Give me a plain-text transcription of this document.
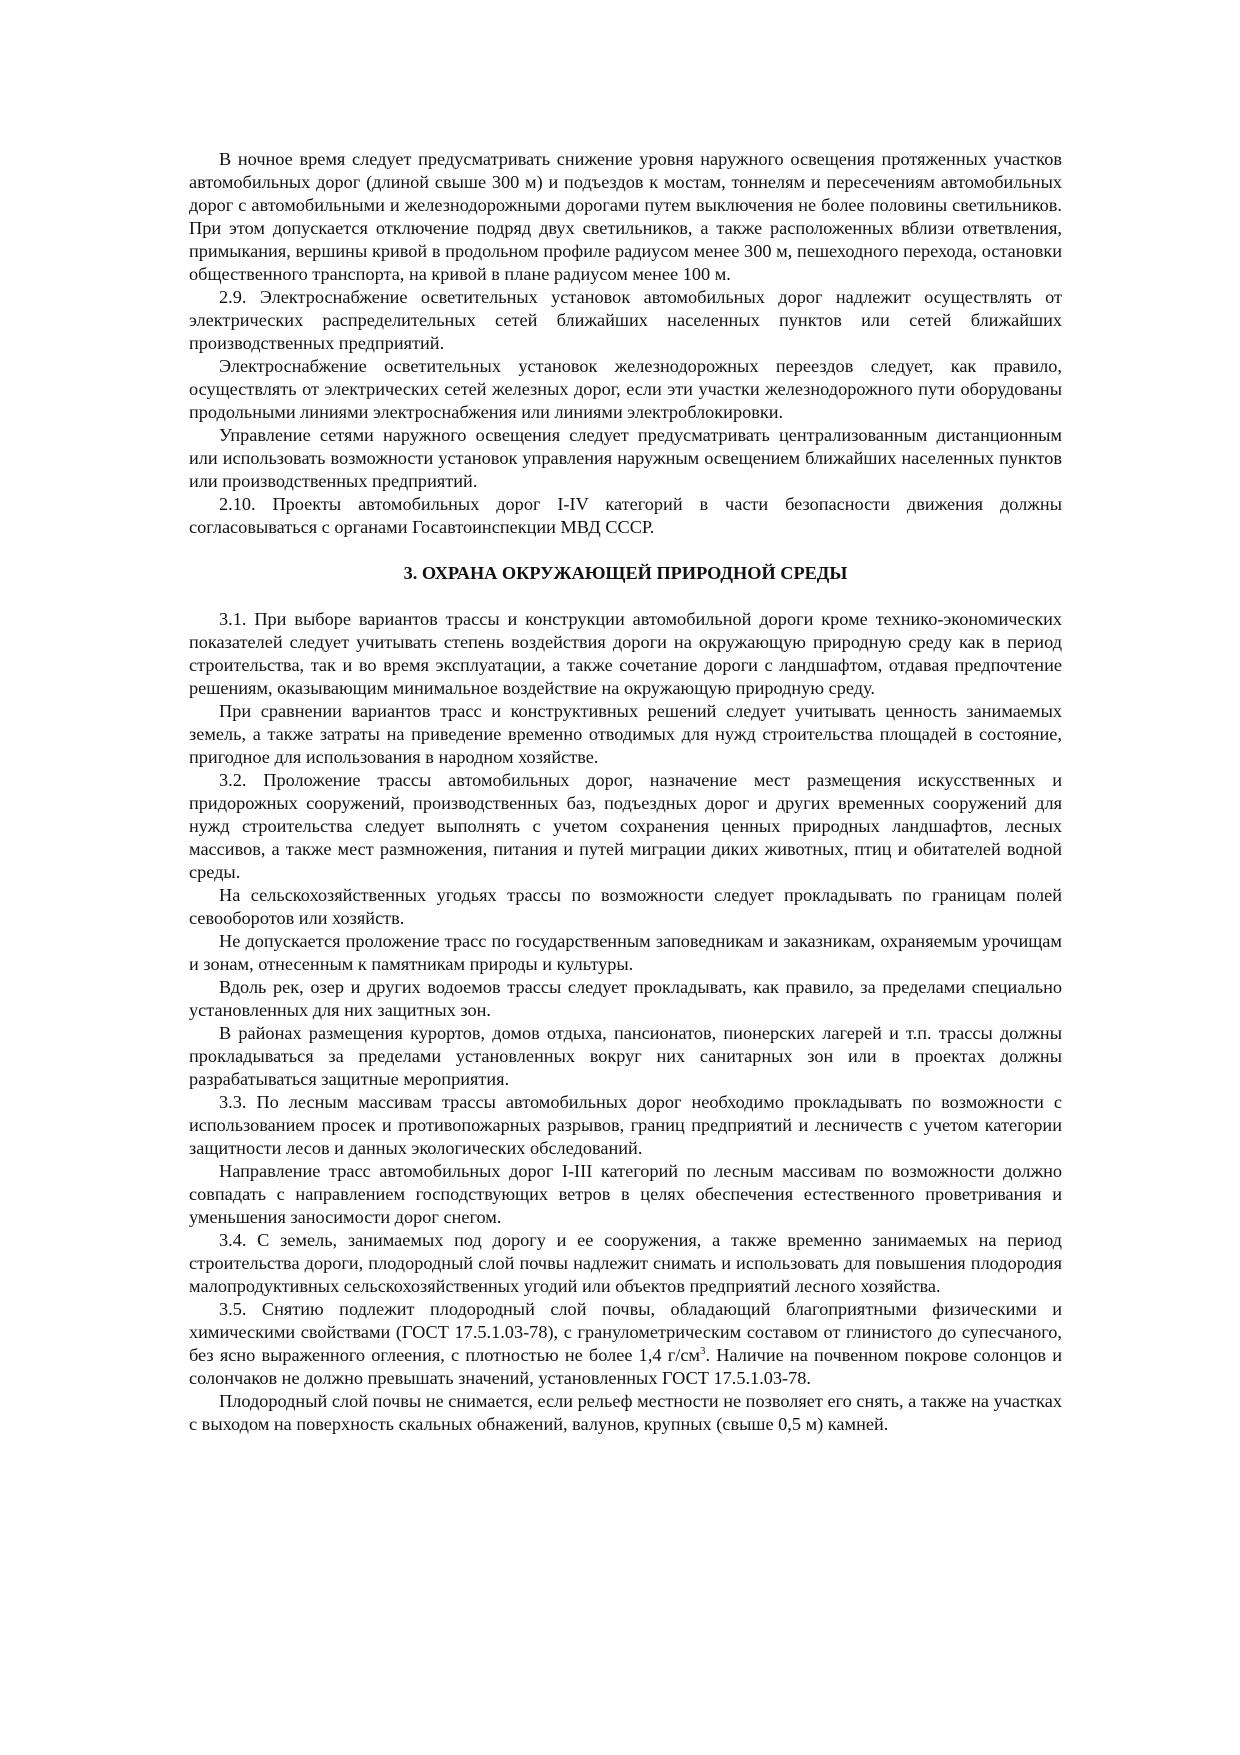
В ночное время следует предусматривать снижение уровня наружного освещения протяженных участков автомобильных дорог (длиной свыше 300 м) и подъездов к мостам, тоннелям и пересечениям автомобильных дорог с автомобильными и железнодорожными дорогами путем выключения не более половины светильников. При этом допускается отключение подряд двух светильников, а также расположенных вблизи ответвления, примыкания, вершины кривой в продольном профиле радиусом менее 300 м, пешеходного перехода, остановки общественного транспорта, на кривой в плане радиусом менее 100 м.

2.9. Электроснабжение осветительных установок автомобильных дорог надлежит осуществлять от электрических распределительных сетей ближайших населенных пунктов или сетей ближайших производственных предприятий.

Электроснабжение осветительных установок железнодорожных переездов следует, как правило, осуществлять от электрических сетей железных дорог, если эти участки железнодорожного пути оборудованы продольными линиями электроснабжения или линиями электроблокировки.

Управление сетями наружного освещения следует предусматривать централизованным дистанционным или использовать возможности установок управления наружным освещением ближайших населенных пунктов или производственных предприятий.

2.10. Проекты автомобильных дорог I-IV категорий в части безопасности движения должны согласовываться с органами Госавтоинспекции МВД СССР.

3. ОХРАНА ОКРУЖАЮЩЕЙ ПРИРОДНОЙ СРЕДЫ

3.1. При выборе вариантов трассы и конструкции автомобильной дороги кроме технико-экономических показателей следует учитывать степень воздействия дороги на окружающую природную среду как в период строительства, так и во время эксплуатации, а также сочетание дороги с ландшафтом, отдавая предпочтение решениям, оказывающим минимальное воздействие на окружающую природную среду.

При сравнении вариантов трасс и конструктивных решений следует учитывать ценность занимаемых земель, а также затраты на приведение временно отводимых для нужд строительства площадей в состояние, пригодное для использования в народном хозяйстве.

3.2. Проложение трассы автомобильных дорог, назначение мест размещения искусственных и придорожных сооружений, производственных баз, подъездных дорог и других временных сооружений для нужд строительства следует выполнять с учетом сохранения ценных природных ландшафтов, лесных массивов, а также мест размножения, питания и путей миграции диких животных, птиц и обитателей водной среды.

На сельскохозяйственных угодьях трассы по возможности следует прокладывать по границам полей севооборотов или хозяйств.

Не допускается проложение трасс по государственным заповедникам и заказникам, охраняемым урочищам и зонам, отнесенным к памятникам природы и культуры.

Вдоль рек, озер и других водоемов трассы следует прокладывать, как правило, за пределами специально установленных для них защитных зон.

В районах размещения курортов, домов отдыха, пансионатов, пионерских лагерей и т.п. трассы должны прокладываться за пределами установленных вокруг них санитарных зон или в проектах должны разрабатываться защитные мероприятия.

3.3. По лесным массивам трассы автомобильных дорог необходимо прокладывать по возможности с использованием просек и противопожарных разрывов, границ предприятий и лесничеств с учетом категории защитности лесов и данных экологических обследований.

Направление трасс автомобильных дорог I-III категорий по лесным массивам по возможности должно совпадать с направлением господствующих ветров в целях обеспечения естественного проветривания и уменьшения заносимости дорог снегом.

3.4. С земель, занимаемых под дорогу и ее сооружения, а также временно занимаемых на период строительства дороги, плодородный слой почвы надлежит снимать и использовать для повышения плодородия малопродуктивных сельскохозяйственных угодий или объектов предприятий лесного хозяйства.

3.5. Снятию подлежит плодородный слой почвы, обладающий благоприятными физическими и химическими свойствами (ГОСТ 17.5.1.03-78), с гранулометрическим составом от глинистого до супесчаного, без ясно выраженного оглеения, с плотностью не более 1,4 $г/см^3$. Наличие на почвенном покрове солонцов и солончаков не должно превышать значений, установленных ГОСТ 17.5.1.03-78.

Плодородный слой почвы не снимается, если рельеф местности не позволяет его снять, а также на участках с выходом на поверхность скальных обнажений, валунов, крупных (свыше 0,5 м) камней.
